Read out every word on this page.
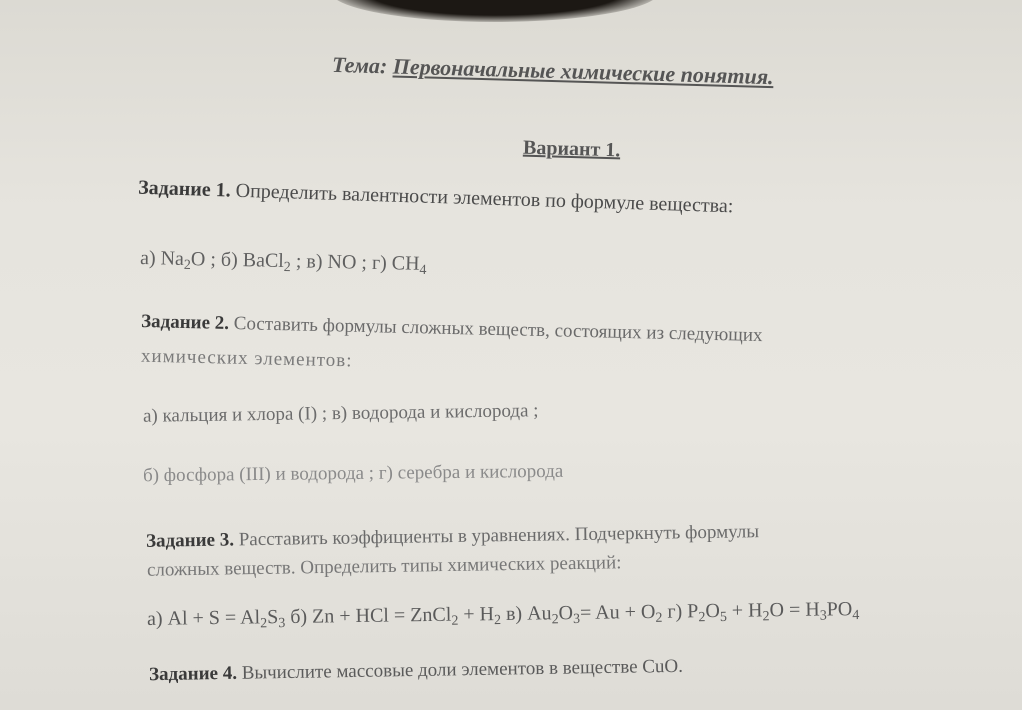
Тема: Первоначальные химические понятия.
Вариант 1.
Задание 1. Определить валентности элементов по формуле вещества:
а) $Na_2O$ ; б) BaCl$_2$ ; в) NO ; г) $CH_4$
Задание 2. Составить формулы сложных веществ, состоящих из следующих
химических элементов:
а) кальция и хлора (I) ; в) водорода и кислорода ;
б) фосфора (III) и водорода ; г) серебра и кислорода
Задание 3. Расставить коэффициенты в уравнениях. Подчеркнуть формулы
сложных веществ. Определить типы химических реакций:
а) $Al + S = Al_2S_3$ б) Zn + HCl = ZnCl$_2$ + $H_2$ в) $Au_2O_3= Au + O_2$ г) $P_2O_5 + H_2O = H_3PO_4$
Задание 4. Вычислите массовые доли элементов в веществе CuO.
